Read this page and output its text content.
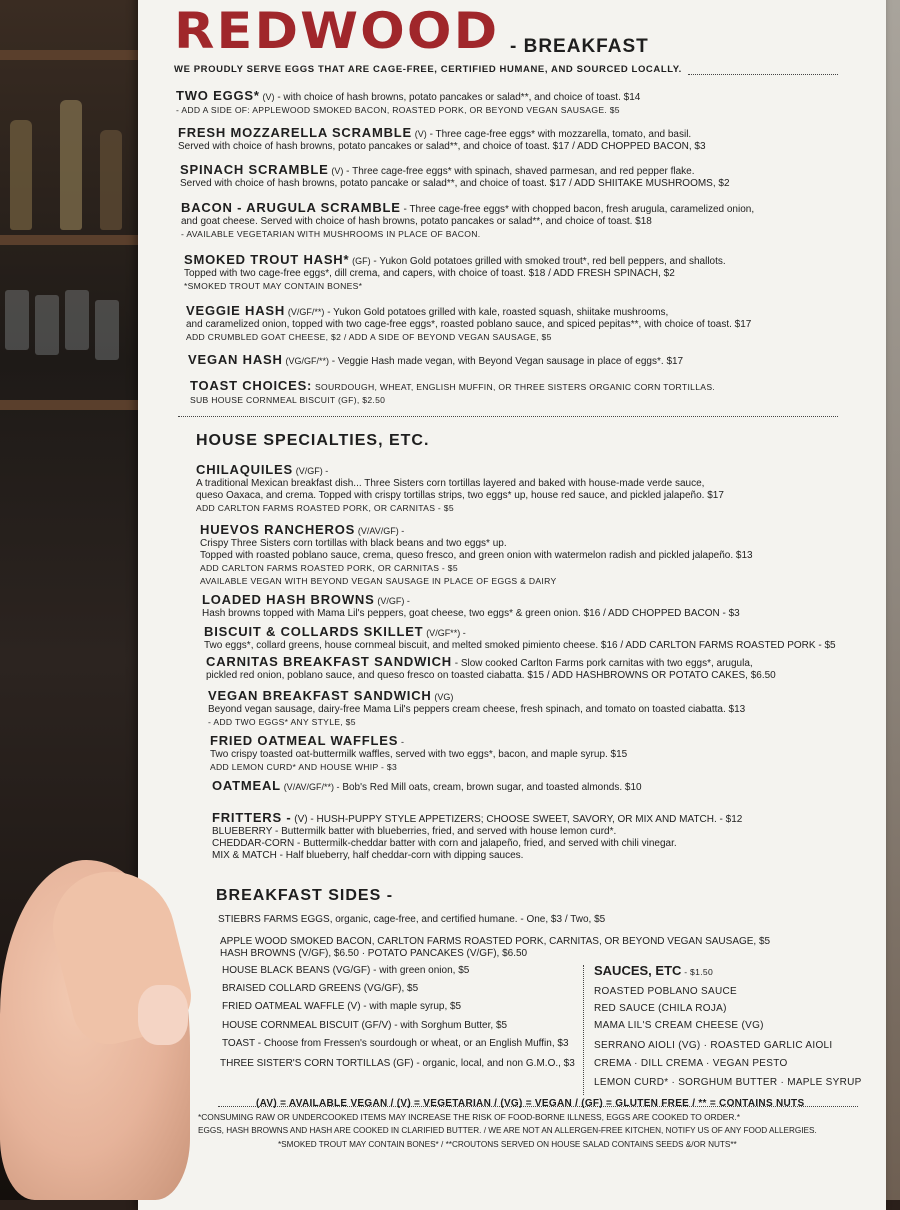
REDWOOD - BREAKFAST
WE PROUDLY SERVE EGGS THAT ARE CAGE-FREE, CERTIFIED HUMANE, AND SOURCED LOCALLY.
TWO EGGS* (V) - with choice of hash browns, potato pancakes or salad**, and choice of toast. $14
- ADD A SIDE OF: APPLEWOOD SMOKED BACON, ROASTED PORK, OR BEYOND VEGAN SAUSAGE. $5
FRESH MOZZARELLA SCRAMBLE (V) - Three cage-free eggs* with mozzarella, tomato, and basil.
Served with choice of hash browns, potato pancakes or salad**, and choice of toast. $17 / ADD CHOPPED BACON, $3
SPINACH SCRAMBLE (V) - Three cage-free eggs* with spinach, shaved parmesan, and red pepper flake.
Served with choice of hash browns, potato pancake or salad**, and choice of toast. $17 / ADD SHIITAKE MUSHROOMS, $2
BACON - ARUGULA SCRAMBLE - Three cage-free eggs* with chopped bacon, fresh arugula, caramelized onion,
and goat cheese. Served with choice of hash browns, potato pancakes or salad**, and choice of toast. $18
- AVAILABLE VEGETARIAN WITH MUSHROOMS IN PLACE OF BACON.
SMOKED TROUT HASH* (GF) - Yukon Gold potatoes grilled with smoked trout*, red bell peppers, and shallots.
Topped with two cage-free eggs*, dill crema, and capers, with choice of toast. $18 / ADD FRESH SPINACH, $2
*SMOKED TROUT MAY CONTAIN BONES*
VEGGIE HASH (V/GF/**) - Yukon Gold potatoes grilled with kale, roasted squash, shiitake mushrooms,
and caramelized onion, topped with two cage-free eggs*, roasted poblano sauce, and spiced pepitas**, with choice of toast. $17
ADD CRUMBLED GOAT CHEESE, $2 / ADD A SIDE OF BEYOND VEGAN SAUSAGE, $5
VEGAN HASH (VG/GF/**) - Veggie Hash made vegan, with Beyond Vegan sausage in place of eggs*. $17
TOAST CHOICES: SOURDOUGH, WHEAT, ENGLISH MUFFIN, OR THREE SISTERS ORGANIC CORN TORTILLAS.
SUB HOUSE CORNMEAL BISCUIT (GF), $2.50
HOUSE SPECIALTIES, ETC.
CHILAQUILES (V/GF) -
A traditional Mexican breakfast dish... Three Sisters corn tortillas layered and baked with house-made verde sauce,
queso Oaxaca, and crema. Topped with crispy tortillas strips, two eggs* up, house red sauce, and pickled jalapeño. $17
ADD CARLTON FARMS ROASTED PORK, OR CARNITAS - $5
HUEVOS RANCHEROS (V/AV/GF) -
Crispy Three Sisters corn tortillas with black beans and two eggs* up.
Topped with roasted poblano sauce, crema, queso fresco, and green onion with watermelon radish and pickled jalapeño. $13
ADD CARLTON FARMS ROASTED PORK, OR CARNITAS - $5
AVAILABLE VEGAN WITH BEYOND VEGAN SAUSAGE IN PLACE OF EGGS & DAIRY
LOADED HASH BROWNS (V/GF) -
Hash browns topped with Mama Lil's peppers, goat cheese, two eggs* & green onion. $16 / ADD CHOPPED BACON - $3
BISCUIT & COLLARDS SKILLET (V/GF**) -
Two eggs*, collard greens, house cornmeal biscuit, and melted smoked pimiento cheese. $16 / ADD CARLTON FARMS ROASTED PORK - $5
CARNITAS BREAKFAST SANDWICH - Slow cooked Carlton Farms pork carnitas with two eggs*, arugula,
pickled red onion, poblano sauce, and queso fresco on toasted ciabatta. $15 / ADD HASHBROWNS OR POTATO CAKES, $6.50
VEGAN BREAKFAST SANDWICH (VG)
Beyond vegan sausage, dairy-free Mama Lil's peppers cream cheese, fresh spinach, and tomato on toasted ciabatta. $13
- ADD TWO EGGS* ANY STYLE, $5
FRIED OATMEAL WAFFLES -
Two crispy toasted oat-buttermilk waffles, served with two eggs*, bacon, and maple syrup. $15
ADD LEMON CURD* AND HOUSE WHIP - $3
OATMEAL (V/AV/GF/**) - Bob's Red Mill oats, cream, brown sugar, and toasted almonds. $10
FRITTERS - (V) - HUSH-PUPPY STYLE APPETIZERS; CHOOSE SWEET, SAVORY, OR MIX AND MATCH. - $12
BLUEBERRY - Buttermilk batter with blueberries, fried, and served with house lemon curd*.
CHEDDAR-CORN - Buttermilk-cheddar batter with corn and jalapeño, fried, and served with chili vinegar.
MIX & MATCH - Half blueberry, half cheddar-corn with dipping sauces.
BREAKFAST SIDES -
STIEBRS FARMS EGGS, organic, cage-free, and certified humane. - One, $3 / Two, $5
APPLE WOOD SMOKED BACON, CARLTON FARMS ROASTED PORK, CARNITAS, OR BEYOND VEGAN SAUSAGE, $5
HASH BROWNS (V/GF), $6.50 · POTATO PANCAKES (V/GF), $6.50
HOUSE BLACK BEANS (VG/GF) - with green onion, $5
BRAISED COLLARD GREENS (VG/GF), $5
FRIED OATMEAL WAFFLE (V) - with maple syrup, $5
HOUSE CORNMEAL BISCUIT (GF/V) - with Sorghum Butter, $5
TOAST - Choose from Fressen's sourdough or wheat, or an English Muffin, $3
THREE SISTER'S CORN TORTILLAS (GF) - organic, local, and non G.M.O., $3
SAUCES, ETC - $1.50
ROASTED POBLANO SAUCE
RED SAUCE (CHILA ROJA)
MAMA LIL'S CREAM CHEESE (VG)
SERRANO AIOLI (VG) · ROASTED GARLIC AIOLI
CREMA · DILL CREMA · VEGAN PESTO
LEMON CURD* · SORGHUM BUTTER · MAPLE SYRUP
(AV) = AVAILABLE VEGAN / (V) = VEGETARIAN / (VG) = VEGAN / (GF) = GLUTEN FREE / ** = CONTAINS NUTS
*CONSUMING RAW OR UNDERCOOKED ITEMS MAY INCREASE THE RISK OF FOOD-BORNE ILLNESS, EGGS ARE COOKED TO ORDER.*
EGGS, HASH BROWNS AND HASH ARE COOKED IN CLARIFIED BUTTER. / WE ARE NOT AN ALLERGEN-FREE KITCHEN, NOTIFY US OF ANY FOOD ALLERGIES.
*SMOKED TROUT MAY CONTAIN BONES* / **CROUTONS SERVED ON HOUSE SALAD CONTAINS SEEDS &/OR NUTS**
